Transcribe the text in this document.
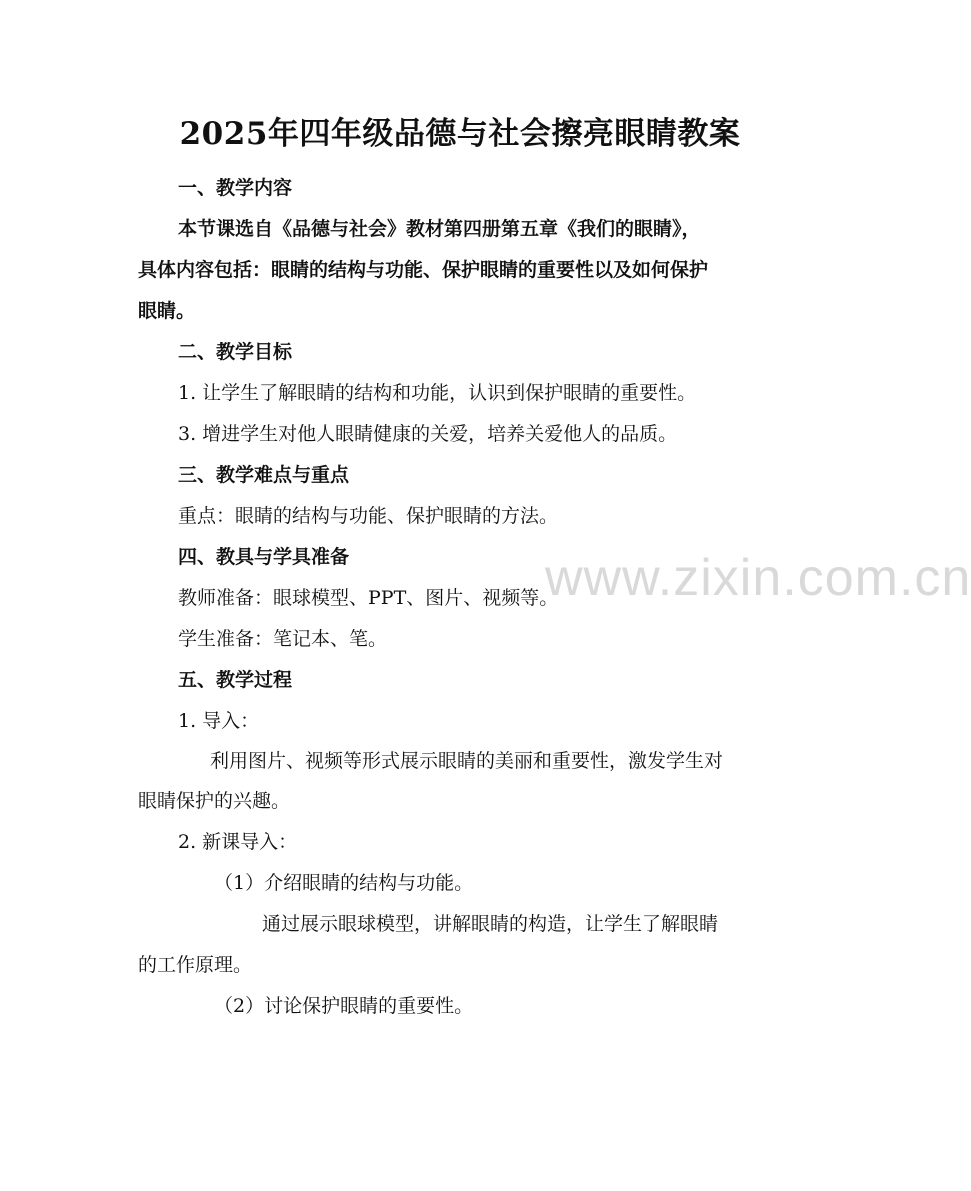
www.zixin.com.cn
2025年四年级品德与社会擦亮眼睛教案

一、教学内容

本节课选自《品德与社会》教材第四册第五章《我们的眼睛》，

具体内容包括：眼睛的结构与功能、保护眼睛的重要性以及如何保护

眼睛。

二、教学目标

1. 让学生了解眼睛的结构和功能，认识到保护眼睛的重要性。

3. 增进学生对他人眼睛健康的关爱，培养关爱他人的品质。

三、教学难点与重点

重点：眼睛的结构与功能、保护眼睛的方法。

四、教具与学具准备

教师准备：眼球模型、PPT、图片、视频等。

学生准备：笔记本、笔。

五、教学过程

1. 导入：

利用图片、视频等形式展示眼睛的美丽和重要性，激发学生对

眼睛保护的兴趣。

2. 新课导入：

（1）介绍眼睛的结构与功能。

通过展示眼球模型，讲解眼睛的构造，让学生了解眼睛

的工作原理。

（2）讨论保护眼睛的重要性。
